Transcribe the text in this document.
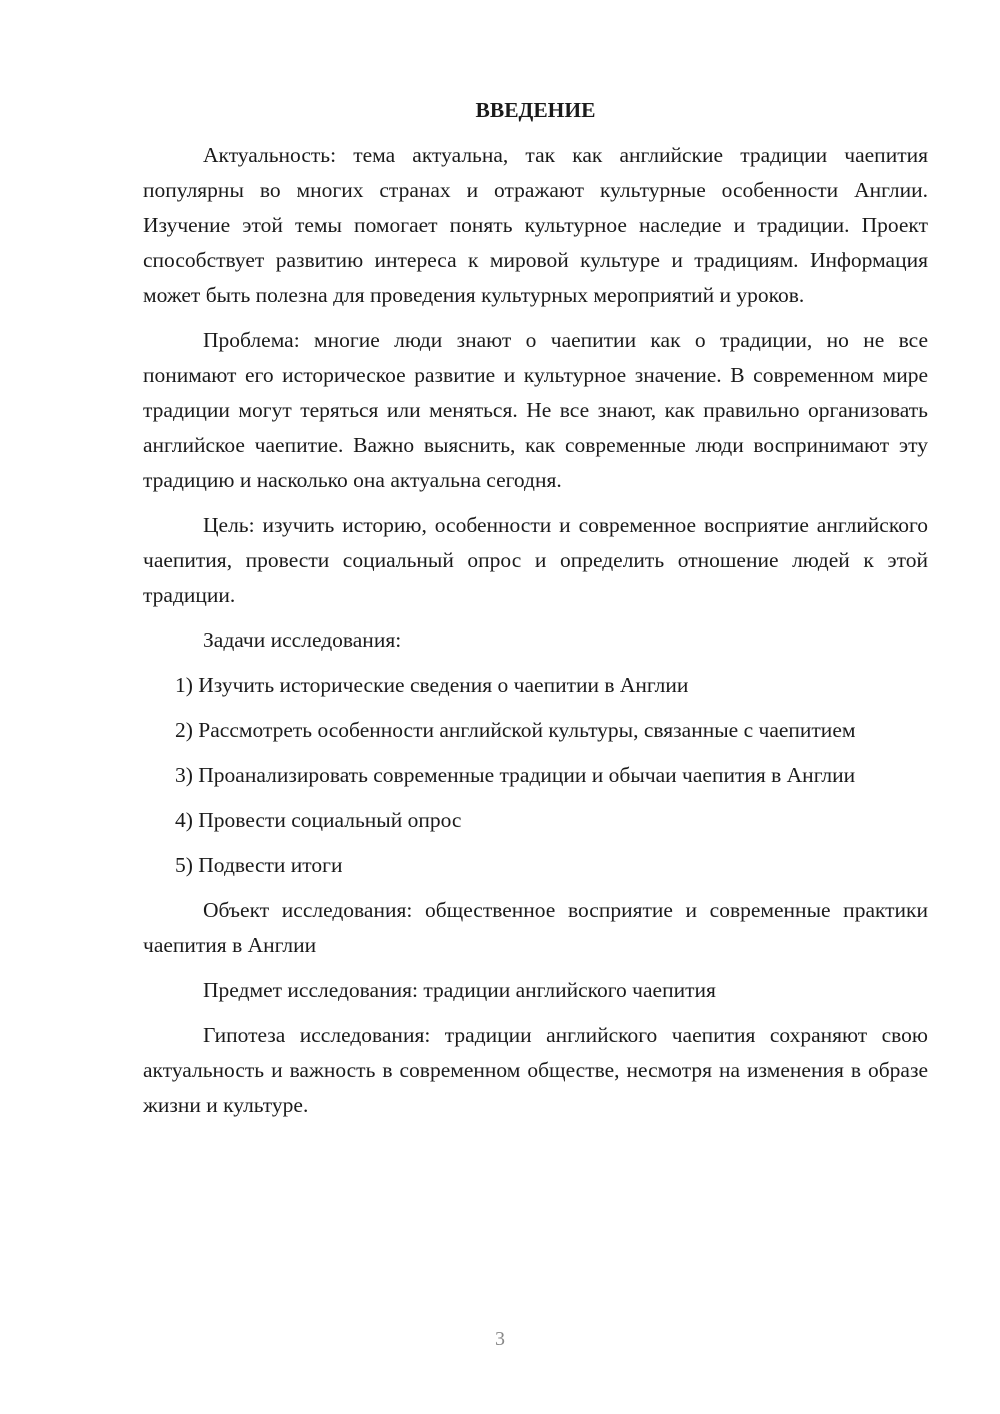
ВВЕДЕНИЕ

Актуальность: тема актуальна, так как английские традиции чаепития популярны во многих странах и отражают культурные особенности Англии. Изучение этой темы помогает понять культурное наследие и традиции. Проект способствует развитию интереса к мировой культуре и традициям. Информация может быть полезна для проведения культурных мероприятий и уроков.

Проблема: многие люди знают о чаепитии как о традиции, но не все понимают его историческое развитие и культурное значение. В современном мире традиции могут теряться или меняться. Не все знают, как правильно организовать английское чаепитие. Важно выяснить, как современные люди воспринимают эту традицию и насколько она актуальна сегодня.

Цель: изучить историю, особенности и современное восприятие английского чаепития, провести социальный опрос и определить отношение людей к этой традиции.

Задачи исследования:

1) Изучить исторические сведения о чаепитии в Англии

2) Рассмотреть особенности английской культуры, связанные с чаепитием

3) Проанализировать современные традиции и обычаи чаепития в Англии

4) Провести социальный опрос

5) Подвести итоги

Объект исследования: общественное восприятие и современные практики чаепития в Англии

Предмет исследования: традиции английского чаепития

Гипотеза исследования: традиции английского чаепития сохраняют свою актуальность и важность в современном обществе, несмотря на изменения в образе жизни и культуре.

3
